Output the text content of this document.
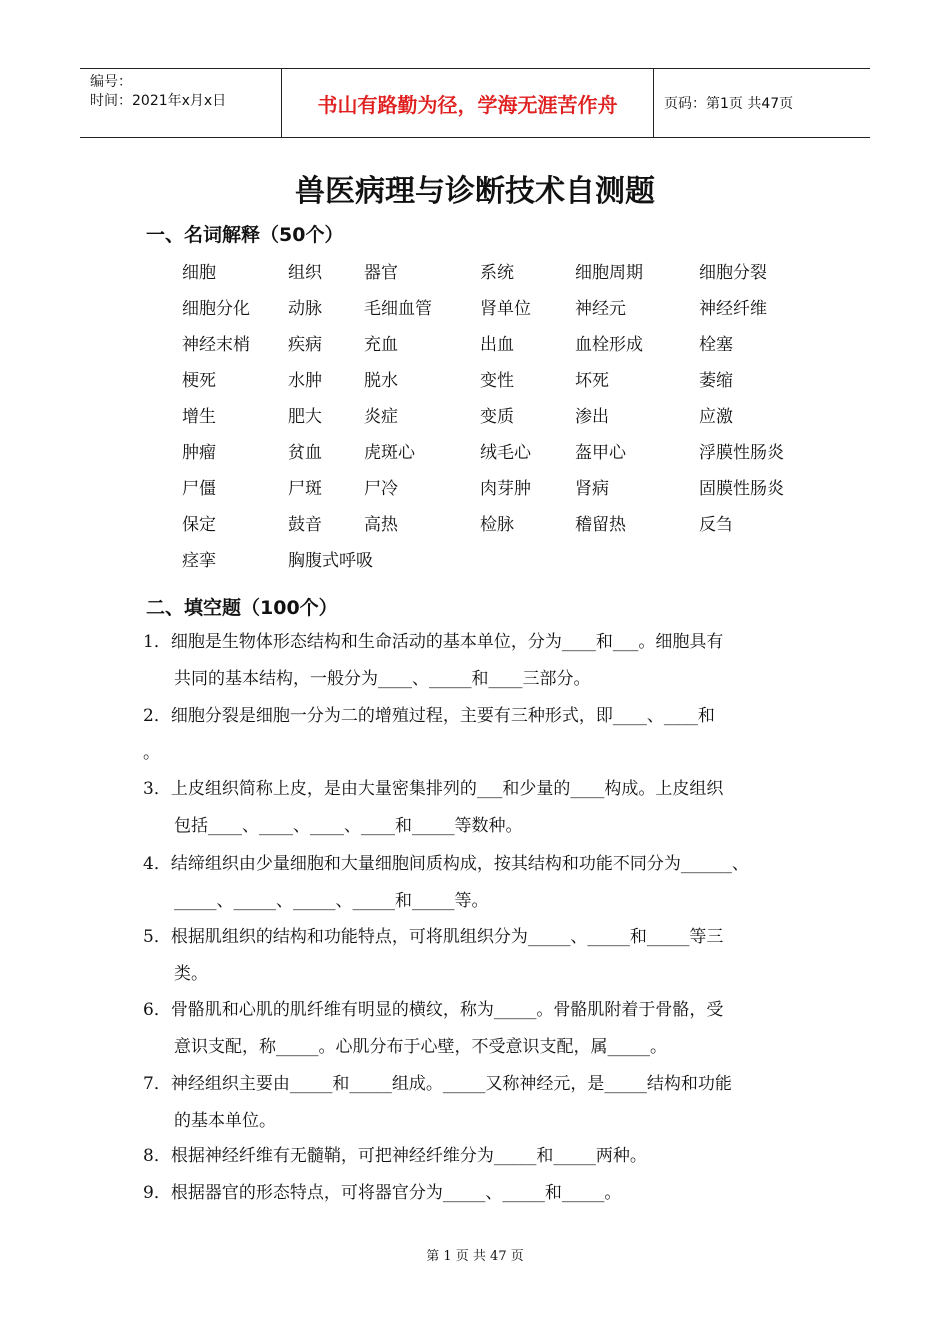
编号：
时间：2021年x月x日	书山有路勤为径，学海无涯苦作舟	页码：第1页 共47页
兽医病理与诊断技术自测题
一、名词解释（50个）
细胞	组织 器官	系统	细胞周期	细胞分裂
细胞分化 动脉 毛细血管	肾单位	神经元	神经纤维
神经末梢 疾病 充血	出血	血栓形成	栓塞
梗死	水肿 脱水	变性	坏死	萎缩
增生	肥大 炎症	变质	渗出	应激
肿瘤	贫血 虎斑心	绒毛心	盔甲心	浮膜性肠炎
尸僵	尸斑 尸冷	肉芽肿	肾病	固膜性肠炎
保定	鼓音 高热	检脉	稽留热	反刍
痉挛	胸腹式呼吸
二、填空题（100个）
1．细胞是生物体形态结构和生命活动的基本单位，分为____和___。细胞具有
共同的基本结构，一般分为____、_____和____三部分。
2．细胞分裂是细胞一分为二的增殖过程，主要有三种形式，即____、____和
。
3．上皮组织简称上皮，是由大量密集排列的___和少量的____构成。上皮组织
包括____、____、____、____和_____等数种。
4．结缔组织由少量细胞和大量细胞间质构成，按其结构和功能不同分为______、
_____、_____、_____、_____和_____等。
5．根据肌组织的结构和功能特点，可将肌组织分为_____、_____和_____等三
类。
6．骨骼肌和心肌的肌纤维有明显的横纹，称为_____。骨骼肌附着于骨骼，受
意识支配，称_____。心肌分布于心壁，不受意识支配，属_____。
7．神经组织主要由_____和_____组成。_____又称神经元，是_____结构和功能
的基本单位。
8．根据神经纤维有无髓鞘，可把神经纤维分为_____和_____两种。
9．根据器官的形态特点，可将器官分为_____、_____和_____。
第 1 页 共 47 页
